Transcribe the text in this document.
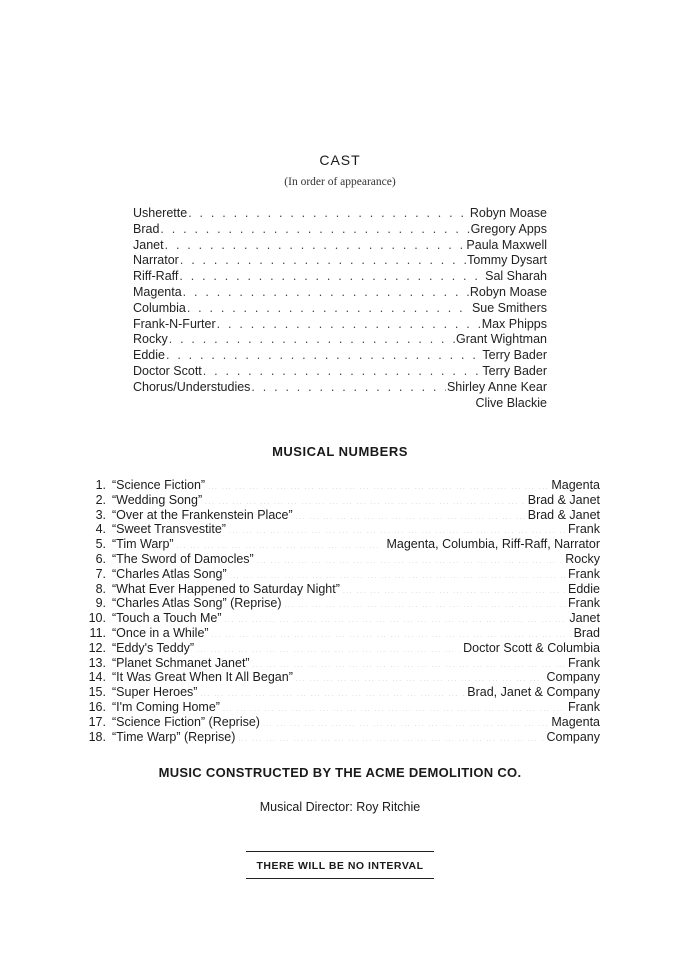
CAST
(In order of appearance)
Usherette . . .	Robyn Moase
Brad . . .	Gregory Apps
Janet . . .	Paula Maxwell
Narrator . . .	Tommy Dysart
Riff-Raff . . .	Sal Sharah
Magenta . . .	Robyn Moase
Columbia . . .	Sue Smithers
Frank-N-Furter . . .	Max Phipps
Rocky . . .	Grant Wightman
Eddie . . .	Terry Bader
Doctor Scott . . .	Terry Bader
Chorus/Understudies . . .	Shirley Anne Kear
Clive Blackie
MUSICAL NUMBERS
1. “Science Fiction” ... .	Magenta
2. “Wedding Song” ... .	Brad & Janet
3. “Over at the Frankenstein Place” ... .	Brad & Janet
4. “Sweet Transvestite” ... .	Frank
5. “Tim Warp” ... .	Magenta, Columbia, Riff-Raff, Narrator
6. “The Sword of Damocles” ... .	Rocky
7. “Charles Atlas Song” ... .	Frank
8. “What Ever Happened to Saturday Night” ... .	Eddie
9. “Charles Atlas Song” (Reprise) ... .	Frank
10. “Touch a Touch Me” ... .	Janet
11. “Once in a While” ... .	Brad
12. “Eddy's Teddy” ... .	Doctor Scott & Columbia
13. “Planet Schmanet Janet” ... .	Frank
14. “It Was Great When It All Began” ... .	Company
15. “Super Heroes” ... .	Brad, Janet & Company
16. “I'm Coming Home” ... .	Frank
17. “Science Fiction” (Reprise) ... .	Magenta
18. “Time Warp” (Reprise) ... .	Company
MUSIC CONSTRUCTED BY THE ACME DEMOLITION CO.
Musical Director: Roy Ritchie
THERE WILL BE NO INTERVAL
